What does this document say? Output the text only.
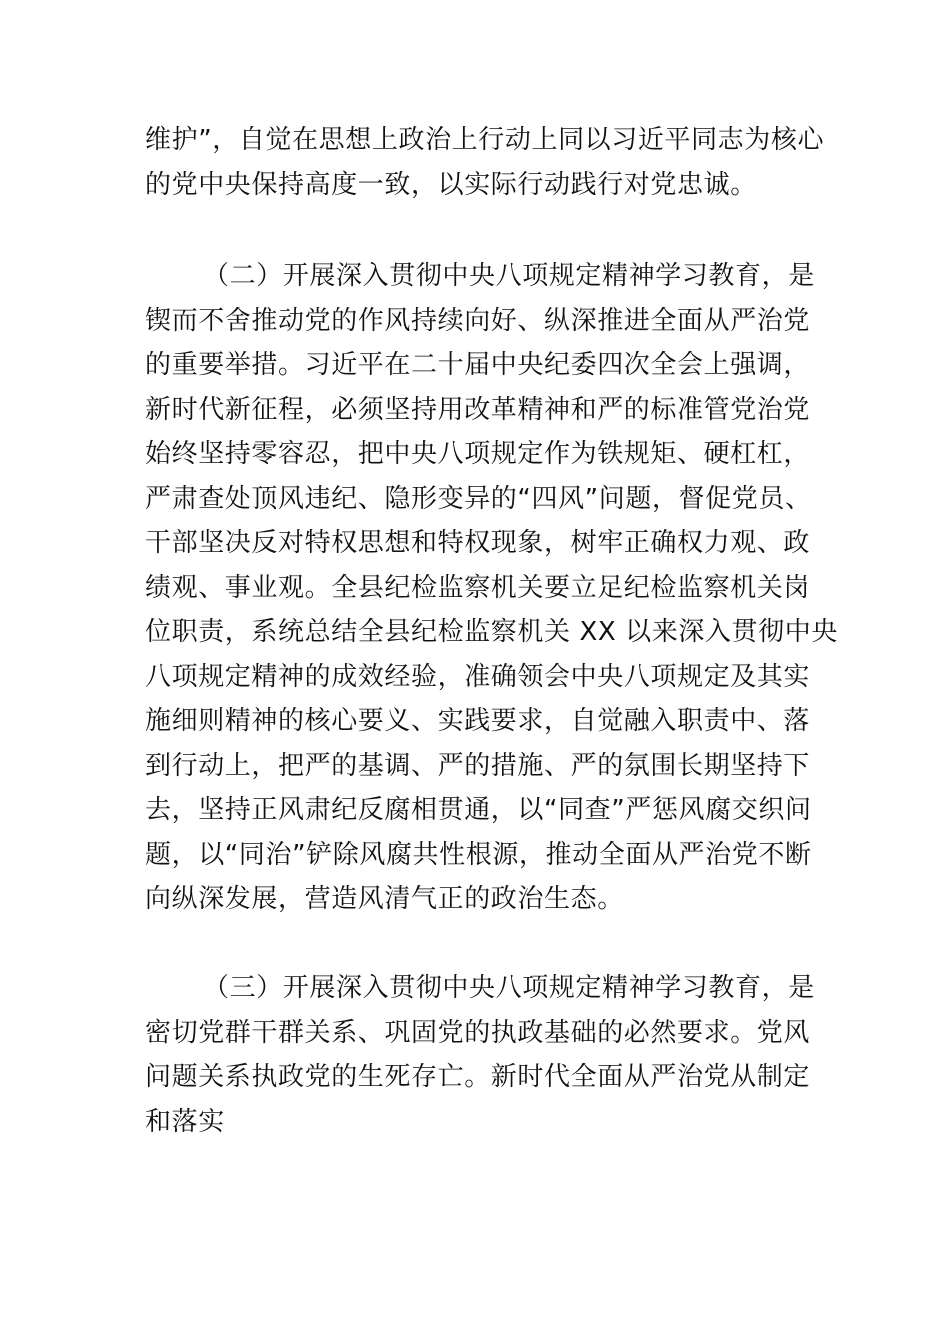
维护”，自觉在思想上政治上行动上同以习近平同志为核心
的党中央保持高度一致，以实际行动践行对党忠诚。
（二）开展深入贯彻中央八项规定精神学习教育，是
锲而不舍推动党的作风持续向好、纵深推进全面从严治党
的重要举措。习近平在二十届中央纪委四次全会上强调，
新时代新征程，必须坚持用改革精神和严的标准管党治党
始终坚持零容忍，把中央八项规定作为铁规矩、硬杠杠，
严肃查处顶风违纪、隐形变异的“四风”问题，督促党员、
干部坚决反对特权思想和特权现象，树牢正确权力观、政
绩观、事业观。全县纪检监察机关要立足纪检监察机关岗
位职责，系统总结全县纪检监察机关 XX 以来深入贯彻中央
八项规定精神的成效经验，准确领会中央八项规定及其实
施细则精神的核心要义、实践要求，自觉融入职责中、落
到行动上，把严的基调、严的措施、严的氛围长期坚持下
去，坚持正风肃纪反腐相贯通，以“同查”严惩风腐交织问
题，以“同治”铲除风腐共性根源，推动全面从严治党不断
向纵深发展，营造风清气正的政治生态。
（三）开展深入贯彻中央八项规定精神学习教育，是
密切党群干群关系、巩固党的执政基础的必然要求。党风
问题关系执政党的生死存亡。新时代全面从严治党从制定
和落实
